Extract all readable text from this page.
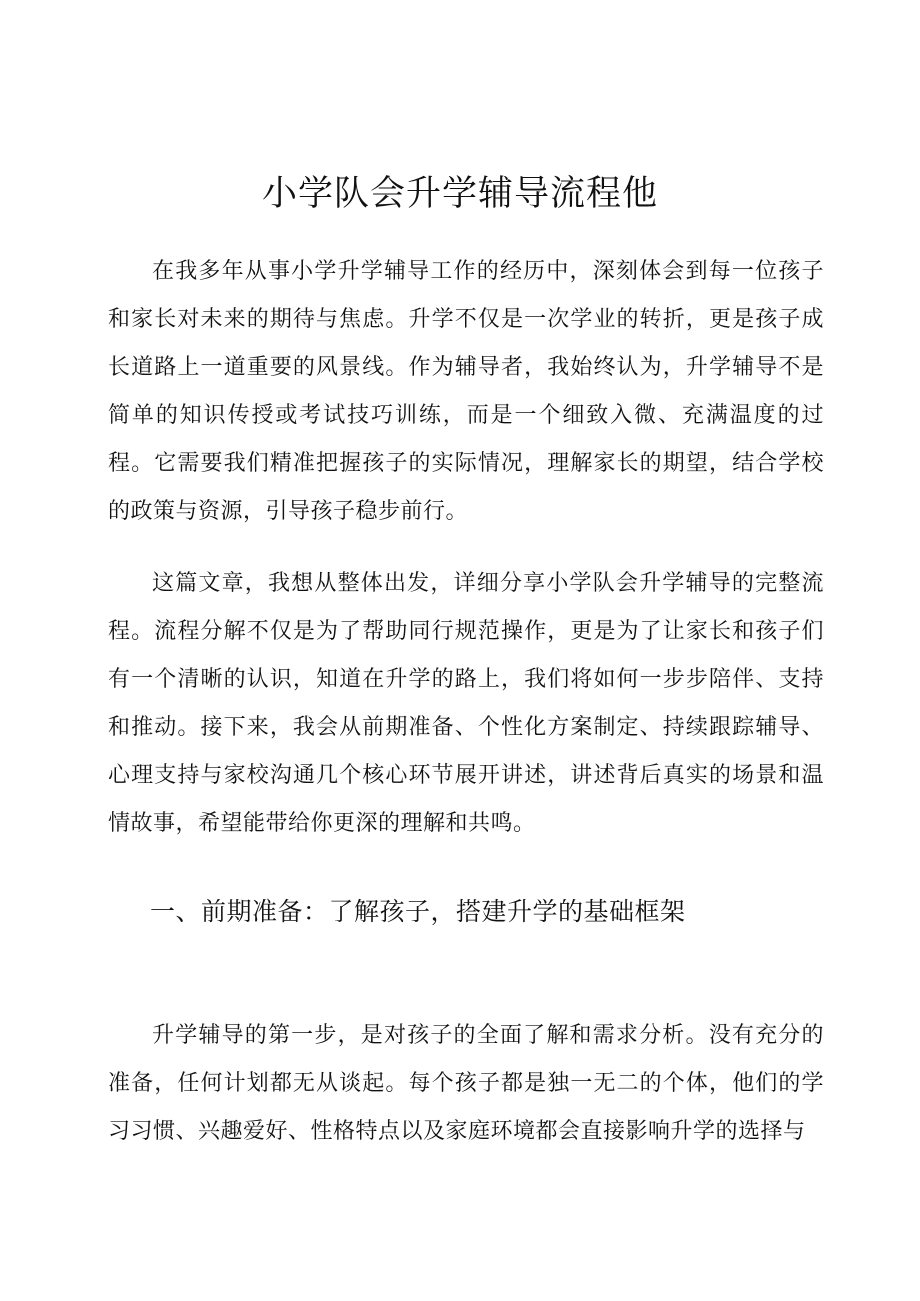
小学队会升学辅导流程他

在我多年从事小学升学辅导工作的经历中，深刻体会到每一位孩子和家长对未来的期待与焦虑。升学不仅是一次学业的转折，更是孩子成长道路上一道重要的风景线。作为辅导者，我始终认为，升学辅导不是简单的知识传授或考试技巧训练，而是一个细致入微、充满温度的过程。它需要我们精准把握孩子的实际情况，理解家长的期望，结合学校的政策与资源，引导孩子稳步前行。

这篇文章，我想从整体出发，详细分享小学队会升学辅导的完整流程。流程分解不仅是为了帮助同行规范操作，更是为了让家长和孩子们有一个清晰的认识，知道在升学的路上，我们将如何一步步陪伴、支持和推动。接下来，我会从前期准备、个性化方案制定、持续跟踪辅导、心理支持与家校沟通几个核心环节展开讲述，讲述背后真实的场景和温情故事，希望能带给你更深的理解和共鸣。

一、前期准备：了解孩子，搭建升学的基础框架

升学辅导的第一步，是对孩子的全面了解和需求分析。没有充分的准备，任何计划都无从谈起。每个孩子都是独一无二的个体，他们的学习习惯、兴趣爱好、性格特点以及家庭环境都会直接影响升学的选择与
